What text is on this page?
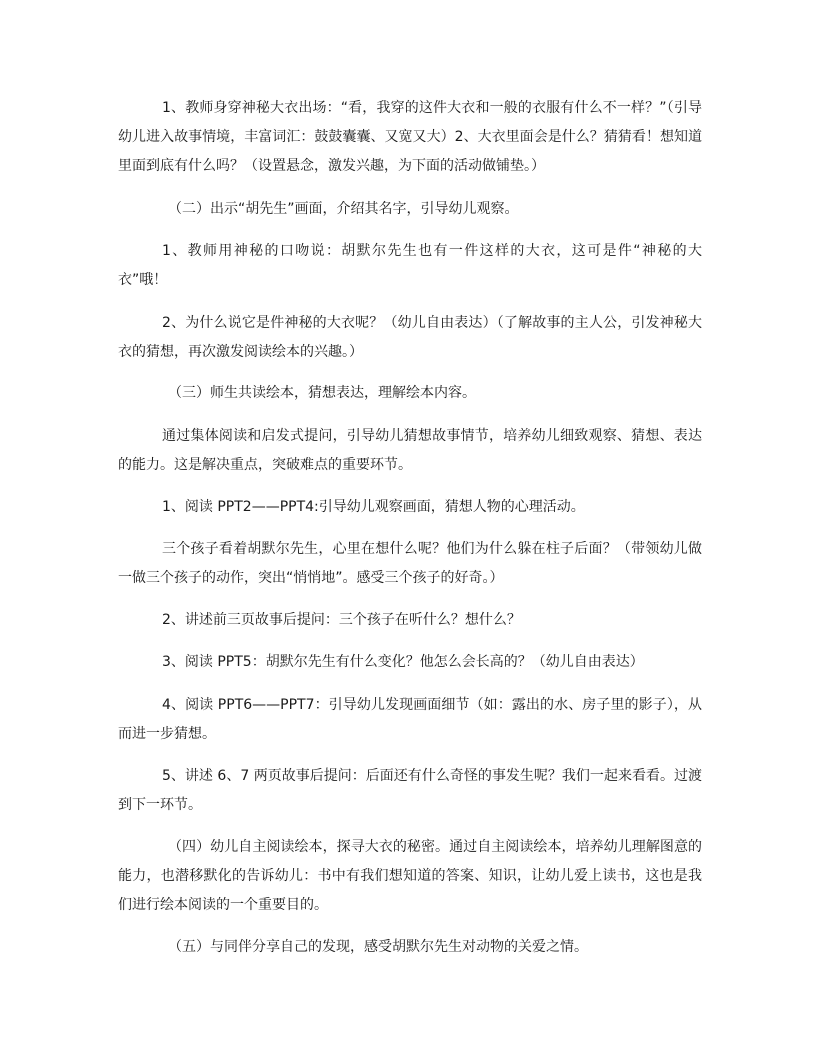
1、教师身穿神秘大衣出场：“看，我穿的这件大衣和一般的衣服有什么不一样？”（引导幼儿进入故事情境，丰富词汇：鼓鼓囊囊、又宽又大）2、大衣里面会是什么？猜猜看！想知道里面到底有什么吗？（设置悬念，激发兴趣，为下面的活动做铺垫。）

（二）出示“胡先生”画面，介绍其名字，引导幼儿观察。

1、教师用神秘的口吻说：胡默尔先生也有一件这样的大衣，这可是件“神秘的大衣”哦！

2、为什么说它是件神秘的大衣呢？（幼儿自由表达）（了解故事的主人公，引发神秘大衣的猜想，再次激发阅读绘本的兴趣。）

（三）师生共读绘本，猜想表达，理解绘本内容。

通过集体阅读和启发式提问，引导幼儿猜想故事情节，培养幼儿细致观察、猜想、表达的能力。这是解决重点，突破难点的重要环节。

1、阅读 PPT2——PPT4:引导幼儿观察画面，猜想人物的心理活动。

三个孩子看着胡默尔先生，心里在想什么呢？他们为什么躲在柱子后面？（带领幼儿做一做三个孩子的动作，突出“悄悄地”。感受三个孩子的好奇。）

2、讲述前三页故事后提问：三个孩子在听什么？想什么？

3、阅读 PPT5：胡默尔先生有什么变化？他怎么会长高的？（幼儿自由表达）

4、阅读 PPT6——PPT7：引导幼儿发现画面细节（如：露出的水、房子里的影子），从而进一步猜想。

5、讲述 6、7 两页故事后提问：后面还有什么奇怪的事发生呢？我们一起来看看。过渡到下一环节。

（四）幼儿自主阅读绘本，探寻大衣的秘密。通过自主阅读绘本，培养幼儿理解图意的能力，也潜移默化的告诉幼儿：书中有我们想知道的答案、知识，让幼儿爱上读书，这也是我们进行绘本阅读的一个重要目的。

（五）与同伴分享自己的发现，感受胡默尔先生对动物的关爱之情。
